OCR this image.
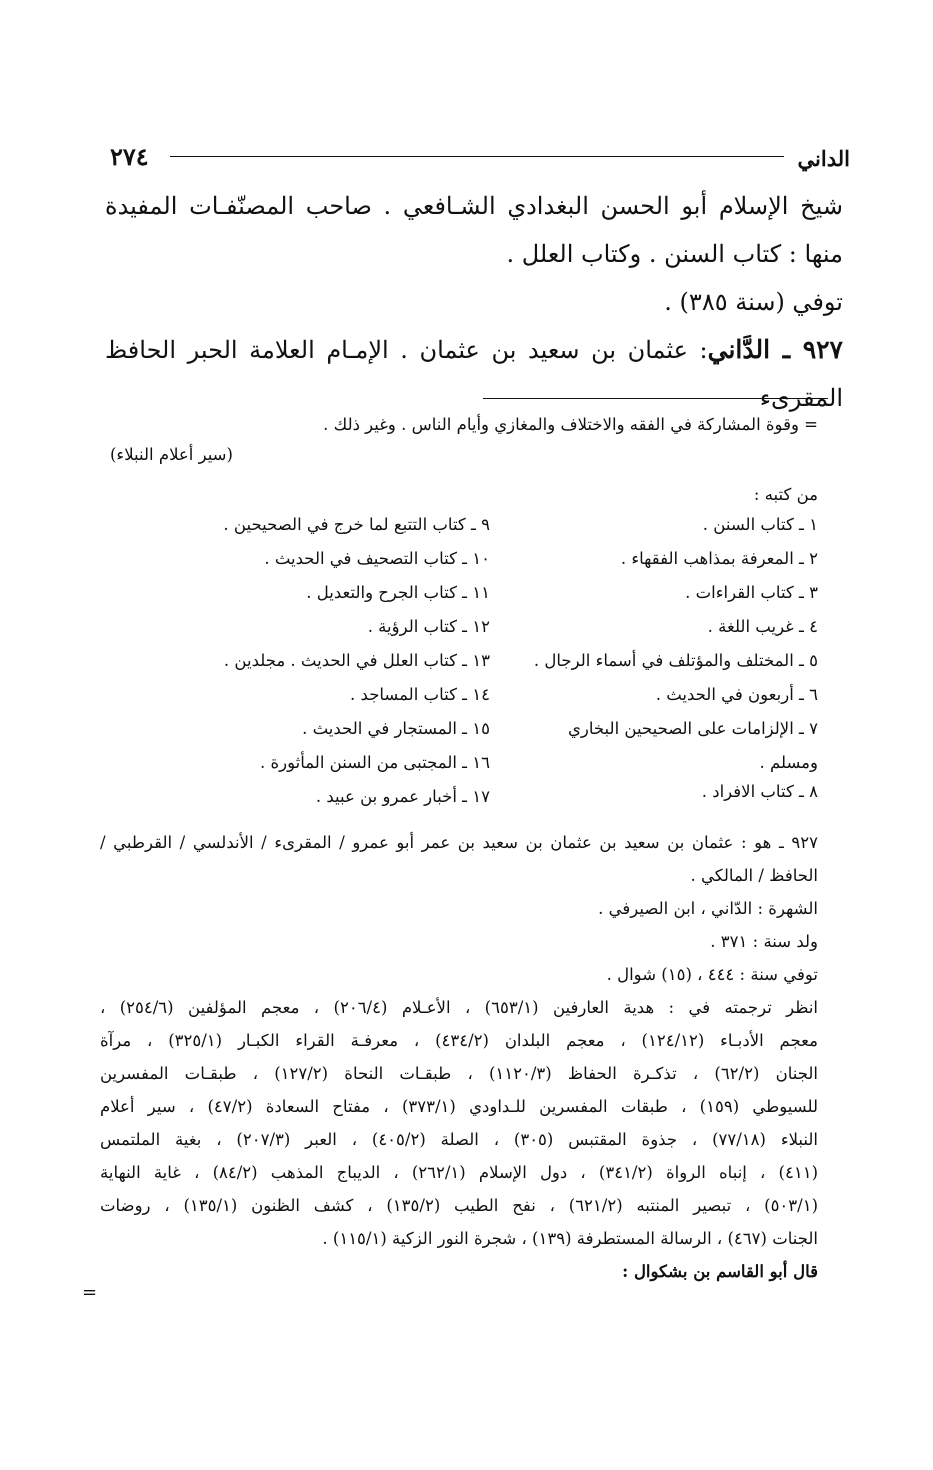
٢٧٤	الداني
شيخ الإسلام أبو الحسن البغدادي الشـافعي . صاحب المصنّفـات المفيدة
منها : كتاب السنن . وكتاب العلل .
توفي (سنة ٣٨٥) .
٩٢٧ ـ الدَّاني: عثمان بن سعيد بن عثمان . الإمـام العلامة الحبر الحافظ المقرىء
= وقوة المشاركة في الفقه والاختلاف والمغازي وأيام الناس . وغير ذلك .
(سير أعلام النبلاء)
من كتبه :
١ ـ كتاب السنن .
٢ ـ المعرفة بمذاهب الفقهاء .
٣ ـ كتاب القراءات .
٤ ـ غريب اللغة .
٥ ـ المختلف والمؤتلف في أسماء الرجال .
٦ ـ أربعون في الحديث .
٧ ـ الإلزامات على الصحيحين البخاري
ومسلم .
٨ ـ كتاب الافراد .
٩ ـ كتاب التتبع لما خرج في الصحيحين .
١٠ ـ كتاب التصحيف في الحديث .
١١ ـ كتاب الجرح والتعديل .
١٢ ـ كتاب الرؤية .
١٣ ـ كتاب العلل في الحديث . مجلدين .
١٤ ـ كتاب المساجد .
١٥ ـ المستجار في الحديث .
١٦ ـ المجتبى من السنن المأثورة .
١٧ ـ أخبار عمرو بن عبيد .
٩٢٧ ـ هو : عثمان بن سعيد بن عثمان بن سعيد بن عمر أبو عمرو / المقرىء / الأندلسي / القرطبي /
الحافظ / المالكي .
الشهرة : الدّاني ، ابن الصيرفي .
ولد سنة : ٣٧١ .
توفي سنة : ٤٤٤ ، (١٥) شوال .
انظر ترجمته في : هدية العارفين (٦٥٣/١) ، الأعـلام (٢٠٦/٤) ، معجم المؤلفين (٢٥٤/٦) ،
معجم الأدبـاء (١٢٤/١٢) ، معجم البلدان (٤٣٤/٢) ، معرفـة القراء الكبـار (٣٢٥/١) ، مرآة
الجنان (٦٢/٢) ، تذكـرة الحفاظ (١١٢٠/٣) ، طبقـات النحاة (١٢٧/٢) ، طبقـات المفسرين
للسيوطي (١٥٩) ، طبقات المفسرين للـداودي (٣٧٣/١) ، مفتاح السعادة (٤٧/٢) ، سير أعلام
النبلاء (٧٧/١٨) ، جذوة المقتبس (٣٠٥) ، الصلة (٤٠٥/٢) ، العبر (٢٠٧/٣) ، بغية الملتمس
(٤١١) ، إنباه الرواة (٣٤١/٢) ، دول الإسلام (٢٦٢/١) ، الديباج المذهب (٨٤/٢) ، غاية النهاية
(٥٠٣/١) ، تبصير المنتبه (٦٢١/٢) ، نفح الطيب (١٣٥/٢) ، كشف الظنون (١٣٥/١) ، روضات
الجنات (٤٦٧) ، الرسالة المستطرفة (١٣٩) ، شجرة النور الزكية (١١٥/١) .
قال أبو القاسم بن بشكوال :
=
